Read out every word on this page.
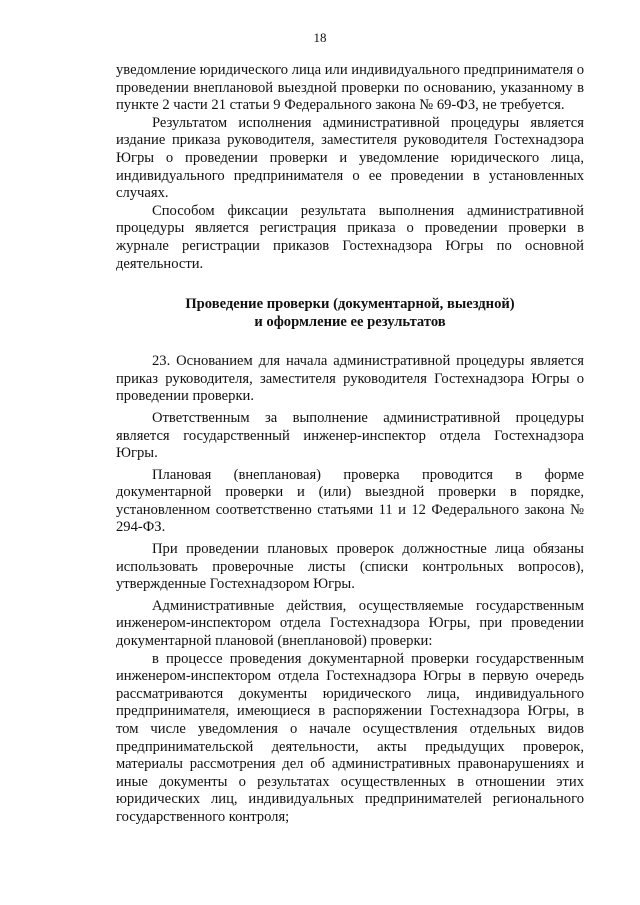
18

уведомление юридического лица или индивидуального предпринимателя о проведении внеплановой выездной проверки по основанию, указанному в пункте 2 части 21 статьи 9 Федерального закона № 69-ФЗ, не требуется.

Результатом исполнения административной процедуры является издание приказа руководителя, заместителя руководителя Гостехнадзора Югры о проведении проверки и уведомление юридического лица, индивидуального предпринимателя о ее проведении в установленных случаях.

Способом фиксации результата выполнения административной процедуры является регистрация приказа о проведении проверки в журнале регистрации приказов Гостехнадзора Югры по основной деятельности.

Проведение проверки (документарной, выездной)
и оформление ее результатов

23. Основанием для начала административной процедуры является приказ руководителя, заместителя руководителя Гостехнадзора Югры о проведении проверки.

Ответственным за выполнение административной процедуры является государственный инженер-инспектор отдела Гостехнадзора Югры.

Плановая (внеплановая) проверка проводится в форме документарной проверки и (или) выездной проверки в порядке, установленном соответственно статьями 11 и 12 Федерального закона № 294-ФЗ.

При проведении плановых проверок должностные лица обязаны использовать проверочные листы (списки контрольных вопросов), утвержденные Гостехнадзором Югры.

Административные действия, осуществляемые государственным инженером-инспектором отдела Гостехнадзора Югры, при проведении документарной плановой (внеплановой) проверки:

в процессе проведения документарной проверки государственным инженером-инспектором отдела Гостехнадзора Югры в первую очередь рассматриваются документы юридического лица, индивидуального предпринимателя, имеющиеся в распоряжении Гостехнадзора Югры, в том числе уведомления о начале осуществления отдельных видов предпринимательской деятельности, акты предыдущих проверок, материалы рассмотрения дел об административных правонарушениях и иные документы о результатах осуществленных в отношении этих юридических лиц, индивидуальных предпринимателей регионального государственного контроля;
